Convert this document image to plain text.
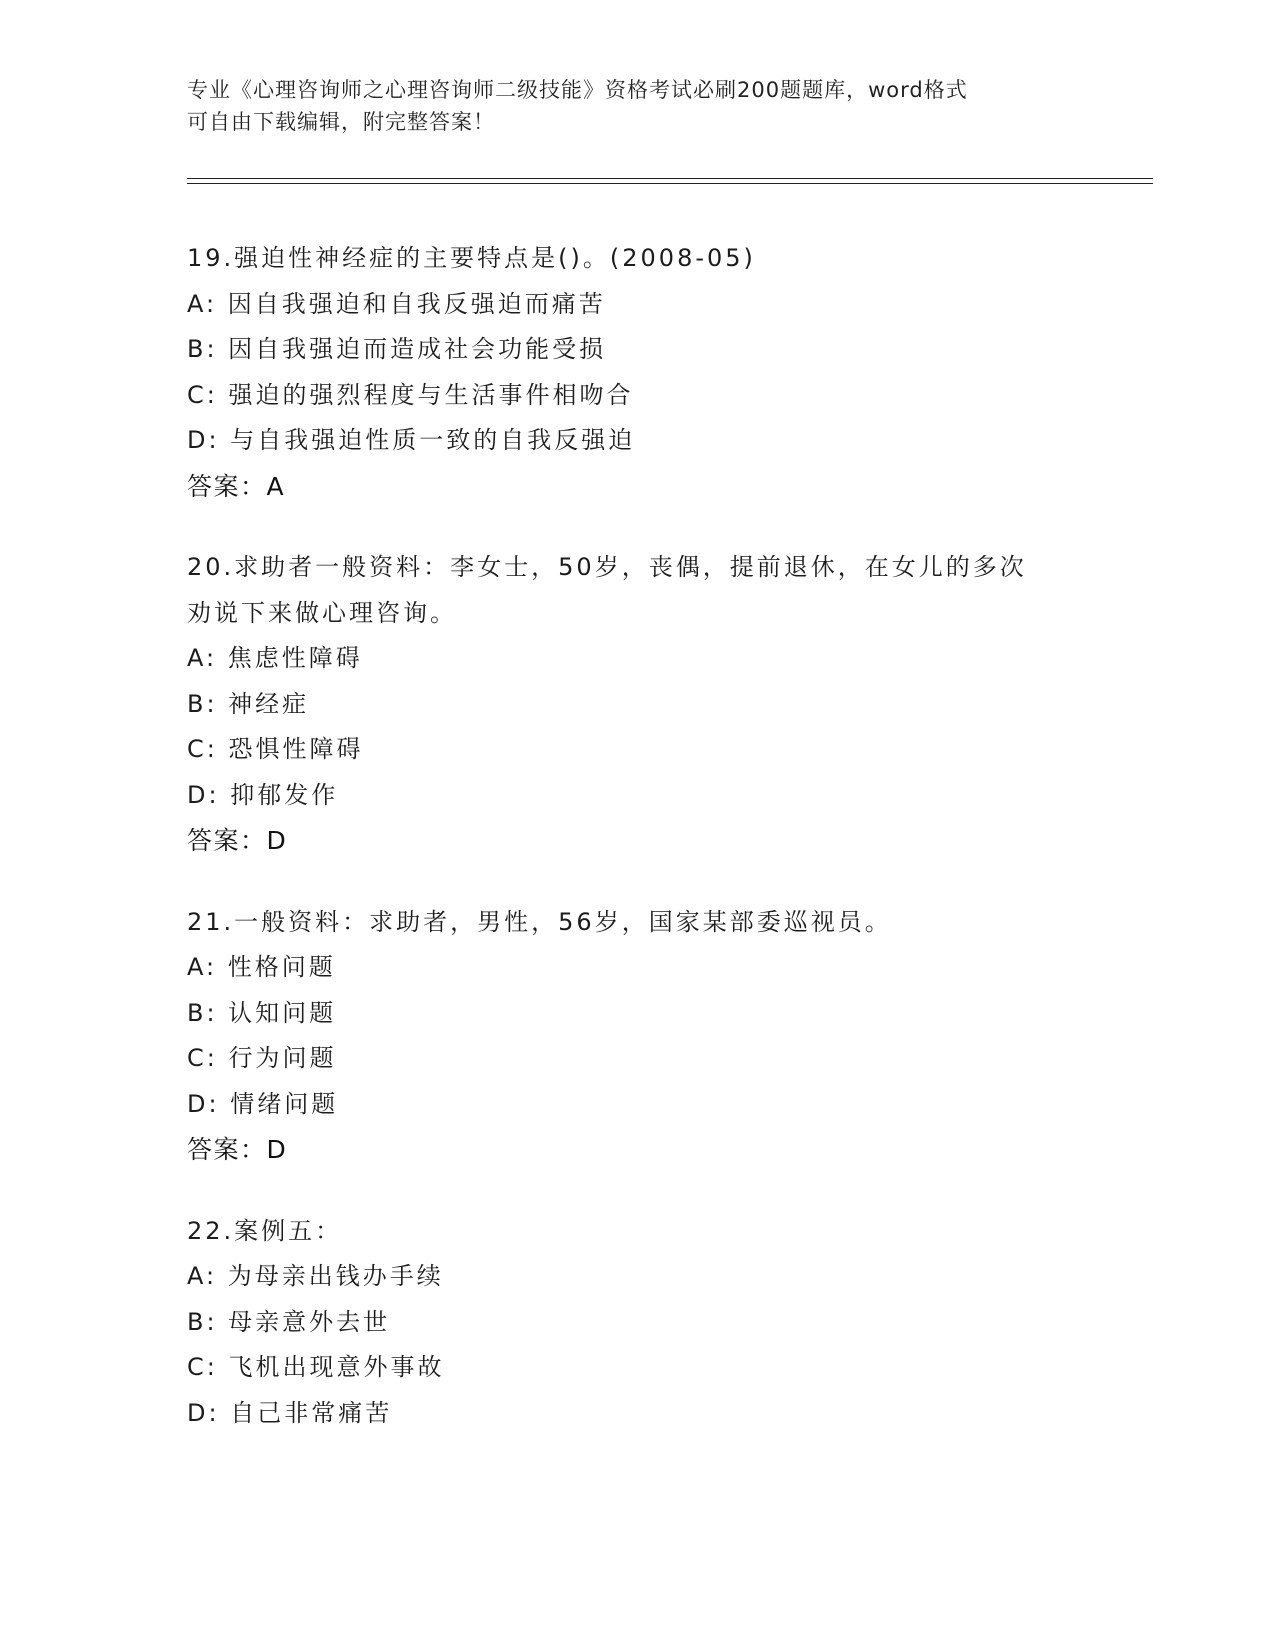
专业《心理咨询师之心理咨询师二级技能》资格考试必刷200题题库，word格式
可自由下载编辑，附完整答案！
19.强迫性神经症的主要特点是()。(2008-05)
A: 因自我强迫和自我反强迫而痛苦
B: 因自我强迫而造成社会功能受损
C: 强迫的强烈程度与生活事件相吻合
D: 与自我强迫性质一致的自我反强迫
答案：A
20.求助者一般资料：李女士，50岁，丧偶，提前退休，在女儿的多次
劝说下来做心理咨询。
A: 焦虑性障碍
B: 神经症
C: 恐惧性障碍
D: 抑郁发作
答案：D
21.一般资料：求助者，男性，56岁，国家某部委巡视员。
A: 性格问题
B: 认知问题
C: 行为问题
D: 情绪问题
答案：D
22.案例五：
A: 为母亲出钱办手续
B: 母亲意外去世
C: 飞机出现意外事故
D: 自己非常痛苦
